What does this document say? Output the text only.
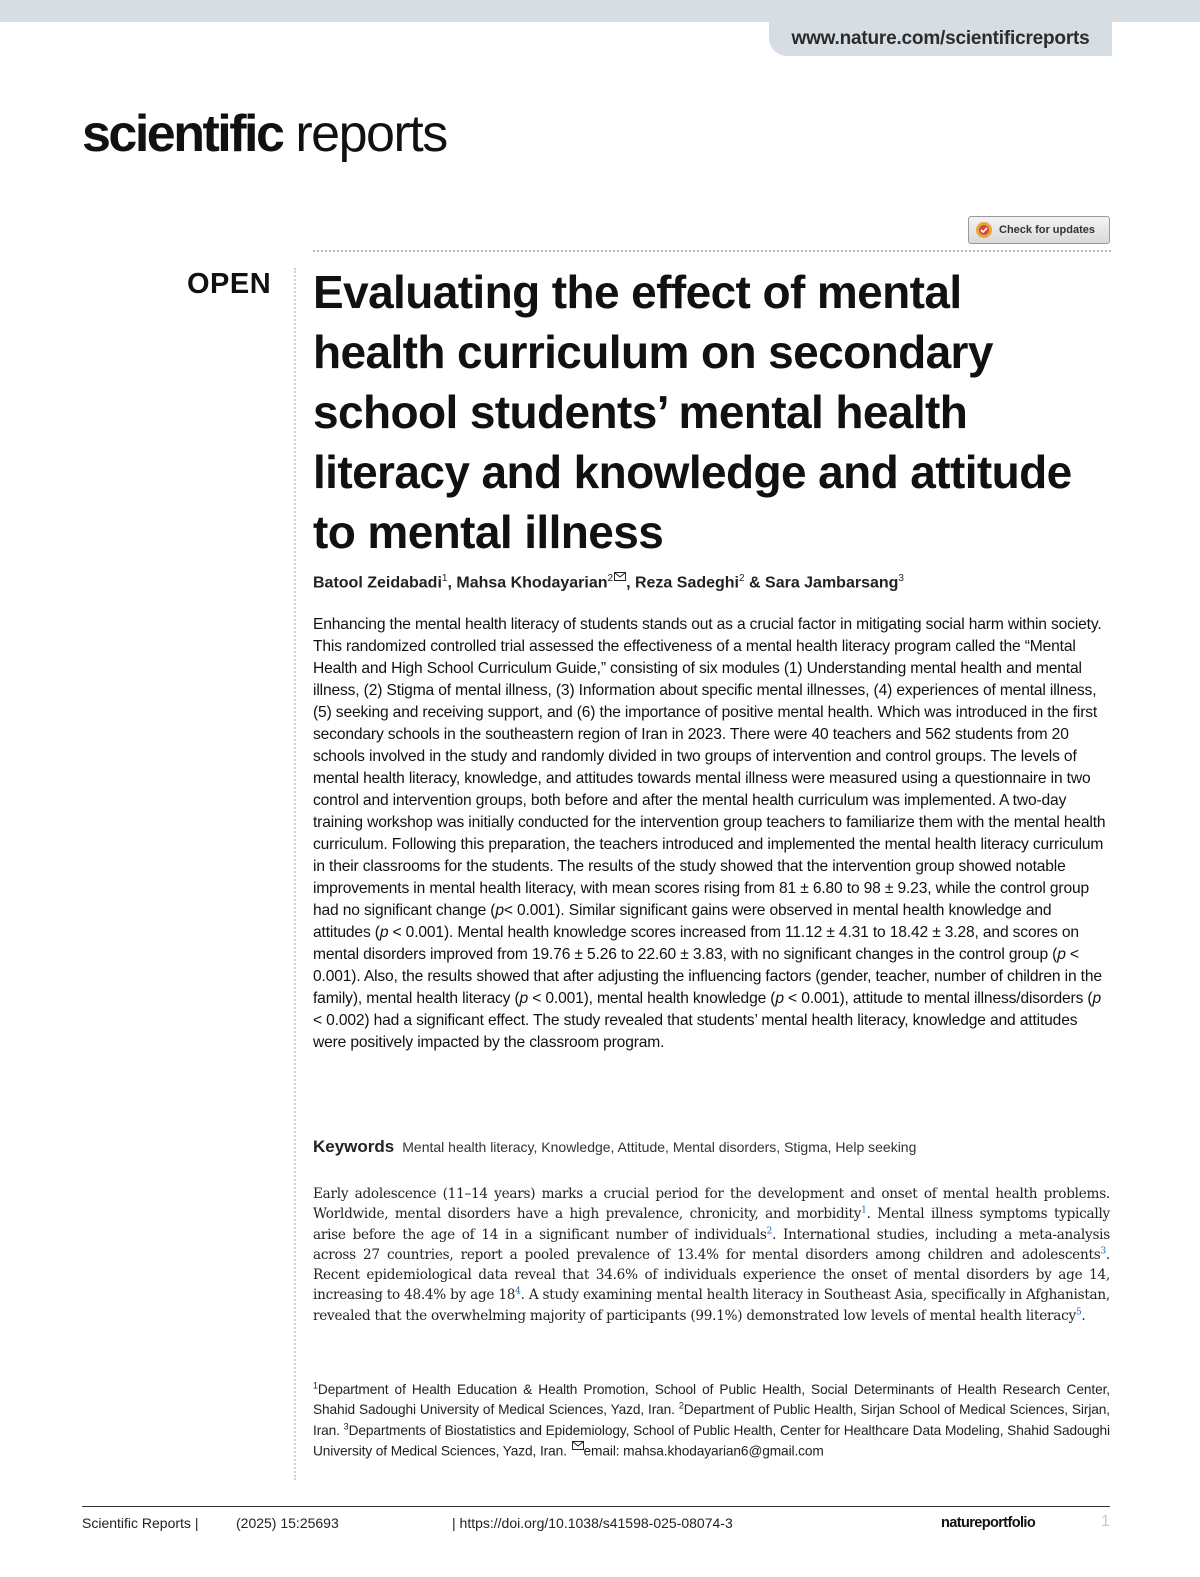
www.nature.com/scientificreports
scientific reports
Check for updates
OPEN Evaluating the effect of mental health curriculum on secondary school students’ mental health literacy and knowledge and attitude to mental illness
Batool Zeidabadi$^1$, Mahsa Khodayarian$^2$ , Reza Sadeghi$^2$ & Sara Jambarsang$^3$

Enhancing the mental health literacy of students stands out as a crucial factor in mitigating social harm within society. This randomized controlled trial assessed the effectiveness of a mental health literacy program called the “Mental Health and High School Curriculum Guide,” consisting of six modules (1) Understanding mental health and mental illness, (2) Stigma of mental illness, (3) Information about specific mental illnesses, (4) experiences of mental illness, (5) seeking and receiving support, and (6) the importance of positive mental health. Which was introduced in the first secondary schools in the southeastern region of Iran in 2023. There were 40 teachers and 562 students from 20 schools involved in the study and randomly divided in two groups of intervention and control groups. The levels of mental health literacy, knowledge, and attitudes towards mental illness were measured using a questionnaire in two control and intervention groups, both before and after the mental health curriculum was implemented. A two-day training workshop was initially conducted for the intervention group teachers to familiarize them with the mental health curriculum. Following this preparation, the teachers introduced and implemented the mental health literacy curriculum in their classrooms for the students. The results of the study showed that the intervention group showed notable improvements in mental health literacy, with mean scores rising from 81 ± 6.80 to 98 ± 9.23, while the control group had no significant change (p< 0.001). Similar significant gains were observed in mental health knowledge and attitudes (p < 0.001). Mental health knowledge scores increased from 11.12 ± 4.31 to 18.42 ± 3.28, and scores on mental disorders improved from 19.76 ± 5.26 to 22.60 ± 3.83, with no significant changes in the control group (p < 0.001). Also, the results showed that after adjusting the influencing factors (gender, teacher, number of children in the family), mental health literacy (p < 0.001), mental health knowledge (p < 0.001), attitude to mental illness/disorders (p < 0.002) had a significant effect. The study revealed that students’ mental health literacy, knowledge and attitudes were positively impacted by the classroom program.

Keywords Mental health literacy, Knowledge, Attitude, Mental disorders, Stigma, Help seeking

Early adolescence (11–14 years) marks a crucial period for the development and onset of mental health problems. Worldwide, mental disorders have a high prevalence, chronicity, and morbidity$^1$. Mental illness symptoms typically arise before the age of 14 in a significant number of individuals$^2$. International studies, including a meta-analysis across 27 countries, report a pooled prevalence of 13.4% for mental disorders among children and adolescents$^3$. Recent epidemiological data reveal that 34.6% of individuals experience the onset of mental disorders by age 14, increasing to 48.4% by age $18^4$. A study examining mental health literacy in Southeast Asia, specifically in Afghanistan, revealed that the overwhelming majority of participants (99.1%) demonstrated low levels of mental health literacy$^5$.

$^1$Department of Health Education & Health Promotion, School of Public Health, Social Determinants of Health Research Center, Shahid Sadoughi University of Medical Sciences, Yazd, Iran. $^2$Department of Public Health, Sirjan School of Medical Sciences, Sirjan, Iran. $^3$Departments of Biostatistics and Epidemiology, School of Public Health, Center for Healthcare Data Modeling, Shahid Sadoughi University of Medical Sciences, Yazd, Iran. email: mahsa.khodayarian6@gmail.com

Scientific Reports |	(2025) 15:25693	| https://doi.org/10.1038/s41598-025-08074-3	natureportfolio	1
